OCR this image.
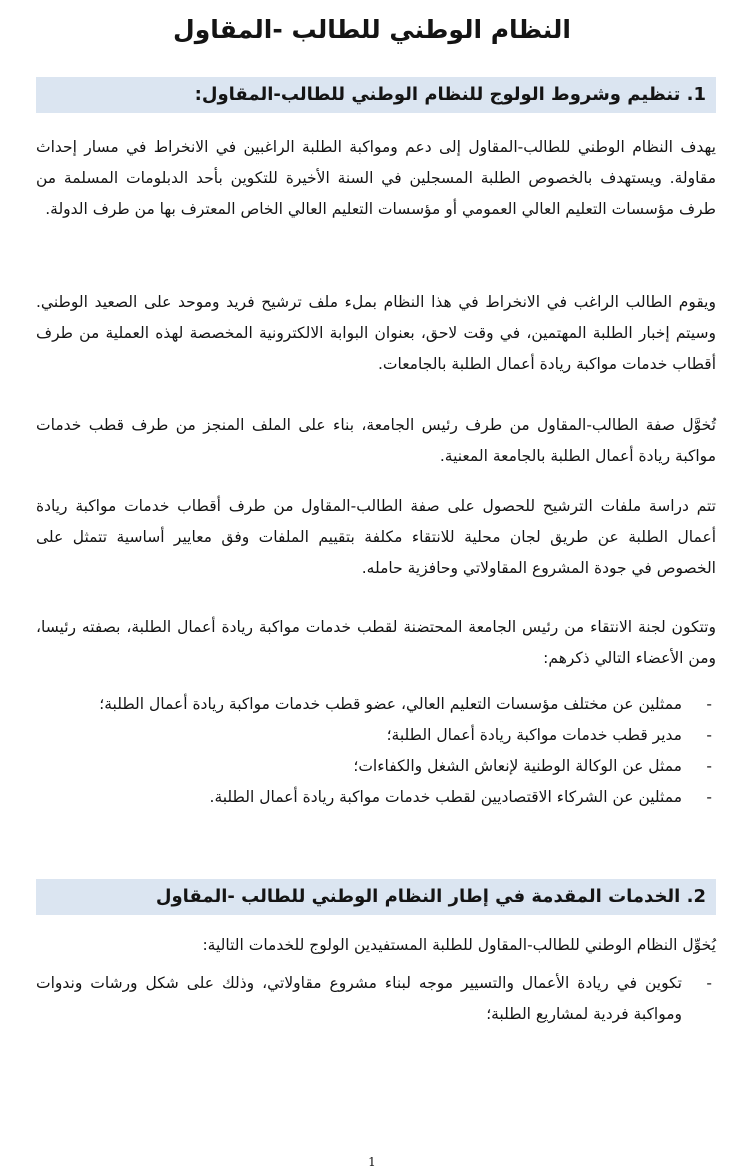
النظام الوطني للطالب -المقاول
1. تنظيم وشروط الولوج للنظام الوطني للطالب-المقاول:

يهدف النظام الوطني للطالب-المقاول إلى دعم ومواكبة الطلبة الراغبين في الانخراط في مسار إحداث مقاولة. ويستهدف بالخصوص الطلبة المسجلين في السنة الأخيرة للتكوين بأحد الدبلومات المسلمة من طرف مؤسسات التعليم العالي العمومي أو مؤسسات التعليم العالي الخاص المعترف بها من طرف الدولة.

ويقوم الطالب الراغب في الانخراط في هذا النظام بملء ملف ترشيح فريد وموحد على الصعيد الوطني. وسيتم إخبار الطلبة المهتمين، في وقت لاحق، بعنوان البوابة الالكترونية المخصصة لهذه العملية من طرف أقطاب خدمات مواكبة ريادة أعمال الطلبة بالجامعات.

تُخوَّل صفة الطالب-المقاول من طرف رئيس الجامعة، بناء على الملف المنجز من طرف قطب خدمات مواكبة ريادة أعمال الطلبة بالجامعة المعنية.

تتم دراسة ملفات الترشيح للحصول على صفة الطالب-المقاول من طرف أقطاب خدمات مواكبة ريادة أعمال الطلبة عن طريق لجان محلية للانتقاء مكلفة بتقييم الملفات وفق معايير أساسية تتمثل على الخصوص في جودة المشروع المقاولاتي وحافزية حامله.

وتتكون لجنة الانتقاء من رئيس الجامعة المحتضنة لقطب خدمات مواكبة ريادة أعمال الطلبة، بصفته رئيسا، ومن الأعضاء التالي ذكرهم:

-
ممثلين عن مختلف مؤسسات التعليم العالي، عضو قطب خدمات مواكبة ريادة أعمال الطلبة؛
-
مدير قطب خدمات مواكبة ريادة أعمال الطلبة؛
-
ممثل عن الوكالة الوطنية لإنعاش الشغل والكفاءات؛
-
ممثلين عن الشركاء الاقتصاديين لقطب خدمات مواكبة ريادة أعمال الطلبة.
2. الخدمات المقدمة في إطار النظام الوطني للطالب -المقاول

يُخوِّل النظام الوطني للطالب-المقاول للطلبة المستفيدين الولوج للخدمات التالية:

-
تكوين في ريادة الأعمال والتسيير موجه لبناء مشروع مقاولاتي، وذلك على شكل ورشات وندوات ومواكبة فردية لمشاريع الطلبة؛

1
